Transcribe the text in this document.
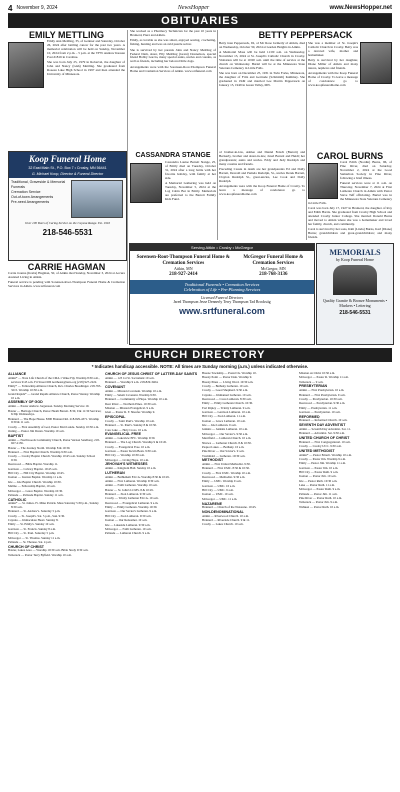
4 November 9, 2024	NewsHopper	www.NewsHopper.net
OBITUARIES
EMILY METTLING

Emily Ann Mettling, 35, of Gentner and Saturday, October 26, 2024 after battling cancer for the past two years. A memorial celebration will be held on Sunday, November 10, 2024 from 2 p.m. - 5 p.m. at the VFW Andrew Kussan Post #1816 in Caroline.

She was born July 25, 1979 in Roberval, the daughter of John and Nancy (Gish) Mettling. She graduated from Roseau Lake High School in 1997 and then attended the University of Minnesota.

Koop Funeral Home
32 East Main St., P.O. Box 7 • Crosby, MN 56441
G. Michael Koop, Director & Funeral Director
Traditional, Graveside & Memorial Funerals
Cremation Service
Out-of-town Arrangements
Pre-need Arrangements
Over 100 Years of Caring Service on the Cuyuna Range. Est. 1916
218-546-5531
CARRIE HAGMAN

Carrie Joanna (Krebs) Hagman, 50, of Aitkin died Sunday, November 3, 2024 at Accura Assisted Living in Aitkin.

Funeral service is pending with Sorensen-Root-Thompson Funeral Home & Cremation Services in Aitkin. www.srtfuneral.com

She worked as a Pharmacy Technician for the past 10 years in Brainerd, Pierz and Aitkin.

Emily, as lovable as she was smart, enjoyed sewing, crocheting, fishing, hunting and was an avid puzzle solver.

She is survived by her parents John and Nancy Mettling of Federal Dam, sister, Elly Mettling (Grant) Donnelson, special friend Bobby Garcia, many special aunts, uncles and cousins, as well as friends, including her beloved little dogs.

Arrangements were with the Sorensen-Root-Thompson Funeral Home and Cremation Services of Aitkin. www.srtfuneral.com

CASSANDRA STANGE

Cassandra Louise Barrett Stange, 25, of Emily died on Tuesday, October 31, 2024 after a long battle with her favorite holiday, with family at her side.

A Memorial Gathering was held on Tuesday, November 5, 2024 at the Log Cabin Bar in Emily. Memorials are preferred to the Barrett Family Kids Fund.

of brother-in-law, Ashlee and Daniel Fetsch (Barrett) and Beckerly, brother and sister-in-law, Jared Barrett and Heidi; her grandparents; aunts and uncles. Eddy and Judy Rudolph and many cousins and friends.

Preceding Cassie in death are her grandparents Ed and Dolly Barrett, Dewald and Pamela Rudolph, Sr., uncles Derek Barrett, Clayton Rudolph Sr., great-uncles, Lee Cook and Dolly Rudolph.

Arrangements were with the Koop Funeral Home of Crosby. To leave a message of condolence go to www.koopfuneralhome.com

BETTY PEPPERSACK

Betty Jean Peppersack, 92, of Mc Rose formerly of Aitkin, died on Wednesday, October 30, 2024 at Garden Heights in Aitkin.

A Memorial Mass will be held 11:00 a.m. on Wednesday, November 13, 2024 at St. Joseph's Catholic Church in Crosby. Visitation will be at 10:00 a.m. until the time of service at the church on Wednesday. Burial will be at the Minnesota State Veterans Cemetery in Little Falls.

She was born on December 25, 1931 in Twin Forks, Minnesota, the daughter of Fritz and Gertrude (Schmiddt) Kuhlmey. She graduated in 1949 and married Lee Martin Peppersack on January 15, 1949 in Green Valley, MN.

She was a member of St. Joseph's Catholic Church in Crosby. Betty was a devoted wife, mother and homemaker.

Betty is survived by her daughter, Diane Miller of Aitkin and many nieces, nephews and friends.

Arrangements with the Koop Funeral Home of Crosby. To leave a message of condolence go to www.koopfuneralhome.com

CAROL BURNS

Carol Edith (Nordin) Burns, 96, of Pine River, died on Saturday, November 2, 2024 at the Good Samaritan Society in Pine River, following a brief illness.

Funeral services were at 11 a.m. on Thursday, November 7, 2024 at First Lutheran Church in Aitkin with Pastor Steve Teff officiating. Burial was in the Minnesota State Veterans Cemetery in Little Falls.

Carol was born July 17, 1927 in Brainerd, the daughter of Roy and Edith Harris. She graduated from Crosby High School and attended Crosby Junior College. She married Donald Burns and moved to Aitkin where she was a homemaker and loved her family, church, and community.

Carol is survived by her sons, Kim (Linda) Burns, Karl (Diane) Burns; grandchildren and great-grandchildren; and many friends.

Serving Aitkin • Crosby • McGregor
Sorensen-Root-Thompson Funeral Home & Cremation Services
Aitkin, MN
218-927-2414
McGregor Funeral Home & Cremation Services
McGregor, MN
218-768-3136
Traditional Funerals • Cremation Services
Celebration of Life • Pre-Planning Services
Licensed Funeral Directors
Jared Thompson Jesse Dennerly Terry Thompson Tad Brockstig
www.srtfuneral.com
MEMORIALS
by Koop Funeral Home
Quality Granite & Bronze Monuments • Markers • Lettering
218-546-5531
CHURCH DIRECTORY
* Indicates handicap accessible. NOTE: All times are Sunday morning (a.m.) unless indicated otherwise.
ALLIANCE

Aitkin* — Nara Life Church of the CMA 1 Wake Fiji, Worship 8:30 a.m., services 9:45 a.m. Fri Street 606 northeast@nara.org (218) 927-2222.

Emily* — Fellowship Alliance Church, Rev. Charles Beoshinger. 218-763-3215. Worship 10:30 a.m.

Grand Rapids* — Grand Rapids Alliance Church, Pastor Wesley. Worship 10 a.m.

ASSEMBLY OF GOD

Aitkin — Pastor Andrew Jorgenson. Sunday Morning Service 10.

Baxter — Heritage Church, Pastor Heath Barrett. 8:30, 9 & 11:30 Services; 6:30p Wednesdays.

Brainerd — The Hope House. 8300 Brainerd Rd. 218-829-4371. Worship 9:30 & 11 a.m.

Crosby — First Assembly of God, Pastor Matt Lunde. Sunday 10:30 a.m.

Outing — Pastor Jim Duran. Worship 10 a.m.

BAPTIST

Aitkin — Northwoods Community Church, Pastor Vernon Sandberg. 218-927-2136.

Baxter — The Journey North. Worship 8 & 10:30.

Brainerd — First Baptist Church. Worship 9:30 a.m.

Crosby — Crosby Baptist Church. Worship 10:45 a.m. Sunday School 9:30.

Deerwood — Bible Baptist. Worship 11.

Garrison — Calvary Baptist. 10:45 a.m.

Hill City — Hill City Baptist. Worship 10:45.

Ironton — Ironton Baptist. Worship 11 a.m.

Isle — Isle Baptist Church. Worship 10:30.

Malmo — Fellowship Baptist, 10 a.m.

McGregor — Grace Baptist. Worship 10:30.

Palisade — Palisade Baptist. Sunday 11 a.m.

CATHOLIC

Aitkin* — St. James. Fr. Mike Patrick. Mass Saturday 5:30 p.m., Sunday 8:30 a.m.

Brainerd — St. Andrew's. Saturday 5 p.m.

Crosby — St. Joseph's. Sat. 5 p.m., Sun. 9:30.

Cuyuna — Immaculate Heart. Sunday 8.

Emily — St. Emily's. Sunday 10 a.m.

Garrison — St. Francis. Sunday 8 a.m.

Hill City — St. Paul. Saturday 5 p.m.

McGregor — St. Thomas. Sunday 11 a.m.

Palisade — St. Therese. Sat. 4 p.m.

CHURCH OF CHRIST

Baxter, Lakes Area — Worship 10:30 a.m. Bible Study 9:30 a.m.

Tamarack — Pastor Terry Byfield. Worship 10 a.m.

CHURCH OF JESUS CHRIST OF LATTER-DAY SAINTS

Aitkin — 123 1st St. Sacrament 10 a.m.

Brainerd — Worship 9 a.m. 218-829-3404.

COVENANT

Aitkin — Mission Covenant. Worship 10 a.m.

Emily — Salem Covenant. Worship 9:30.

Brainerd — Community of Hope. Worship 10 a.m.

Deer River — Northern Pines. 10:30 a.m.

Mission — Mission Evangelical. 9 a.m.

Glen — Pastor R. F. Sheafer. Worship 9.

EPISCOPAL

Crosby — Saint Paul's. Worship 10 a.m.

Brainerd — St. Paul's. Sunday 8 & 10:30.

Cass Lake — Holy Cross. 10 a.m.

EVANGELICAL FREE

Aitkin — Lakeview EFC. Worship 9:30.

Brainerd — The Log Church. Worship 9 & 10:45.

Crosby — Evangelical Free. 10 a.m.

Garrison — Pastor Kevin Bean. 9:30 a.m.

Hill City — Worship 10:30 a.m.

McGregor — Living Hope. 10 a.m.

JEHOVAH'S WITNESSES

Aitkin — Kingdom Hall. Sunday 10 a.m.

LUTHERAN

Aitkin — Bethlehem ELCA. Worship 8:30 & 10:45.

Aitkin — First Lutheran. Worship 9:30 a.m.

Aitkin — Faith Lutheran. Worship 10 a.m.

Baxter — St. John's LCMS. 8 & 10:45.

Brainerd — Zion Lutheran. 9:30 a.m.

Crosby — Trinity Lutheran ELCA. 10 a.m.

Deerwood — Evangelical Lutheran. 9 a.m.

Emily — Emily Lutheran. Worship 10:30.

Garrison — Our Savior's Lutheran. 9 a.m.

Hill City — Zion Lutheran. 9:30 a.m.

Ironton — Our Redeemer. 10 a.m.

Isle — Lakeside Lutheran. 9:30 a.m.

McGregor — Faith Lutheran. 10 a.m.

Palisade — Lutheran Church. 9 a.m.

Breeze Township — Postal Ck. Worship 10.

Breezy Point — Pastor Dale. Worship 9.

Breezy Pines — Living Word. 10:30 a.m.

Crosby — Bethany Lutheran. 10 a.m.

Crosby — Good Shepherd. 9:30 a.m.

Cuyuna — Immanuel Lutheran. 10 a.m.

Deerwood — Cross Lutheran. 8:30 a.m.

Emily — Emily Lutheran Church. 10:30.

Fort Ripley — Trinity Lutheran. 9 a.m.

Garrison — Garrison Lutheran. 10 a.m.

Hill City — Zion Lutheran. 11 a.m.

Ironton — Grace Lutheran. 10 a.m.

Isle — Isle Lutheran. 9 a.m.

Jenkins — Jenkins Lutheran. 10 a.m.

McGregor — Our Savior's. 9:30 a.m.

Merrifield — Lutheran Church. 10 a.m.

Nisswa — Lutheran Church. 8 & 10:30.

Pequot Lakes — Bethany. 10 a.m.

Pine River — Our Savior's. 9 a.m.

Trommald — Lutheran. 10:30 a.m.

METHODIST

Aitkin — First United Methodist. 9:30.

Brainerd — First UMC. 8:30 & 10:30.

Crosby — First UMC. Worship 10 a.m.

Deerwood — Methodist. 9:30 a.m.

Emily — UMC. Worship 9 a.m.

Garrison — UMC. 10 a.m.

Hill City — UMC. 9 a.m.

Ironton — UMC. 10 a.m.

McGregor — UMC. 11 a.m.

NAZARENE

Brainerd — Church of the Nazarene. 10:45.

NON-DENOMINATIONAL

Aitkin — Riverwood Church. 10 a.m.

Brainerd — Riverside Church. 9 & 11.

Crosby — Lakes Church. 10 a.m.

Mission on Christ 10:30 a.m.

McGregor — Pastor R. Worship 11 a.m.

Tamarack — 9 a.m.

PRESBYTERIAN

Aitkin — First Presbyterian. 10 a.m.

Brainerd — First Presbyterian. 9 a.m.

Crosby — Presbyterian. 10:30 a.m.

Deerwood — Presbyterian. 9:30 a.m.

Emily — Presbyterian. 11 a.m.

Garrison — Presbyterian. 10 a.m.

REFORMED

Brainerd — Reformed Church. 10 a.m.

SEVENTH DAY ADVENTIST

Aitkin — Seventh Day Adventist. Sat. 11.

Brainerd — Adventist. Sat. 9:30 a.m.

UNITED CHURCH OF CHRIST

Brainerd — First Congregational. 10 a.m.

Crosby — Crosby UCC. 9:30 a.m.

UNITED METHODIST

Aitkin* — Pastor Emerit. Worship 10 a.m.

Crosby — Pastor Jim. Worship 9 a.m.

Emily — Pastor Jim. Worship 11 a.m.

Garrison — Pastor Jim. 10 a.m.

Hill City — Pastor Ruth. 9 a.m.

Ironton — Pastor Jim. 10 a.m.

Isle — Pastor Ruth. 10:30 a.m.

Lake — Pastor Ruth. 11 a.m.

McGregor — Pastor Ruth. 9 a.m.

Palisade — Pastor Jim. 11 a.m.

Pine River — Pastor Ruth. 10 a.m.

Tamarack — Pastor Jim. 9 a.m.

Wahkon — Pastor Ruth. 10 a.m.
